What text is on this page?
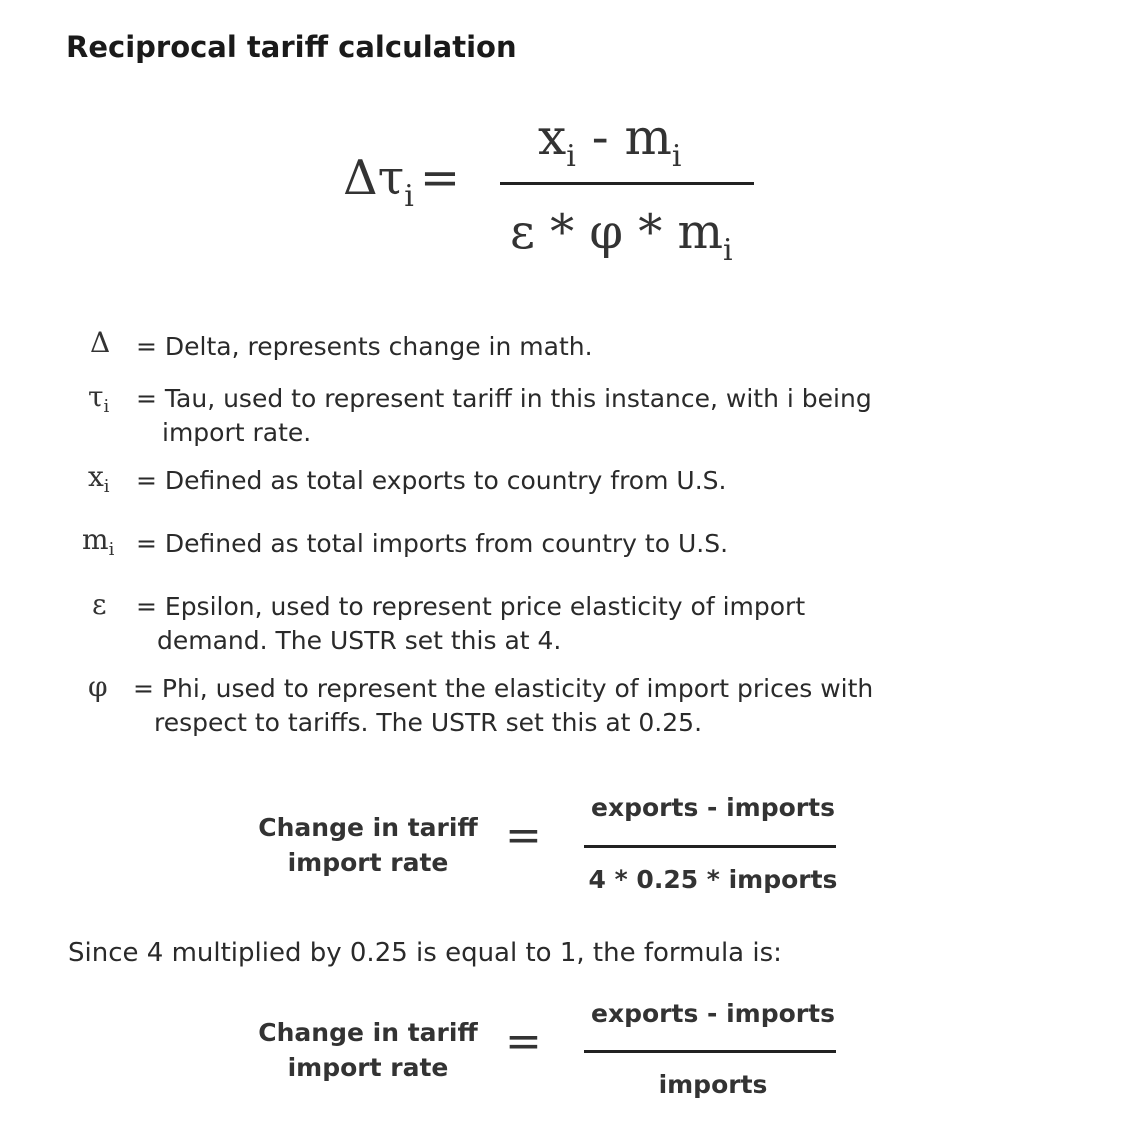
Reciprocal tariff calculation
$\Delta\tau_i$ =
$x_i - m_i$
ε * φ * $m_i$
Δ = Delta, represents change in math.
$\tau_i$ = Tau, used to represent tariff in this instance, with i being
import rate.
$x_i$ = Defined as total exports to country from U.S.
$m_i$ = Defined as total imports from country to U.S.
ε = Epsilon, used to represent price elasticity of import
demand. The USTR set this at 4.
φ = Phi, used to represent the elasticity of import prices with
respect to tariffs. The USTR set this at 0.25.
Change in tariff
import rate
=
exports - imports
4 * 0.25 * imports
Since 4 multiplied by 0.25 is equal to 1, the formula is:
Change in tariff
import rate
=
exports - imports
imports
